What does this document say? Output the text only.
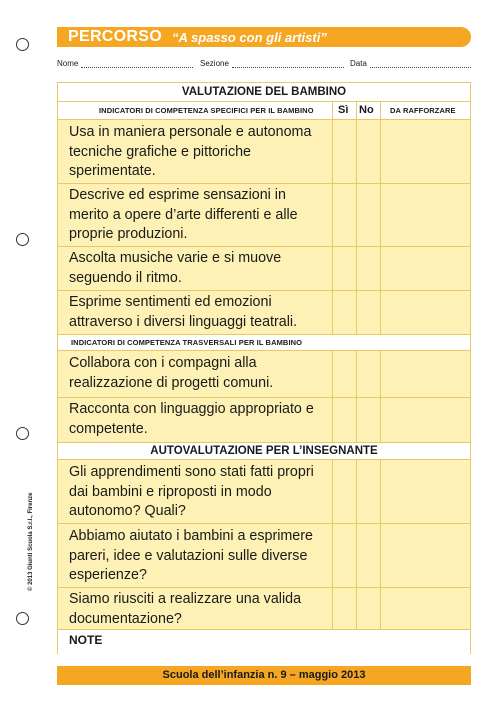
PERCORSO “A spasso con gli artisti”
Nome	Sezione	Data
VALUTAZIONE DEL BAMBINO
INDICATORI DI COMPETENZA SPECIFICI PER IL BAMBINO Sì No DA RAFFORZARE
Usa in maniera personale e autonoma tecniche grafiche e pittoriche sperimentate.
Descrive ed esprime sensazioni in merito a opere d’arte differenti e alle proprie produzioni.
Ascolta musiche varie e si muove seguendo il ritmo.
Esprime sentimenti ed emozioni attraverso i diversi linguaggi teatrali.
INDICATORI DI COMPETENZA TRASVERSALI PER IL BAMBINO
Collabora con i compagni alla realizzazione di progetti comuni.
Racconta con linguaggio appropriato e competente.
AUTOVALUTAZIONE PER L’INSEGNANTE
Gli apprendimenti sono stati fatti propri dai bambini e riproposti in modo autonomo? Quali?
Abbiamo aiutato i bambini a esprimere pareri, idee e valutazioni sulle diverse esperienze?
Siamo riusciti a realizzare una valida documentazione?
NOTE
© 2013 Giunti Scuola S.r.l., Firenze
Scuola dell’infanzia n. 9 – maggio 2013
